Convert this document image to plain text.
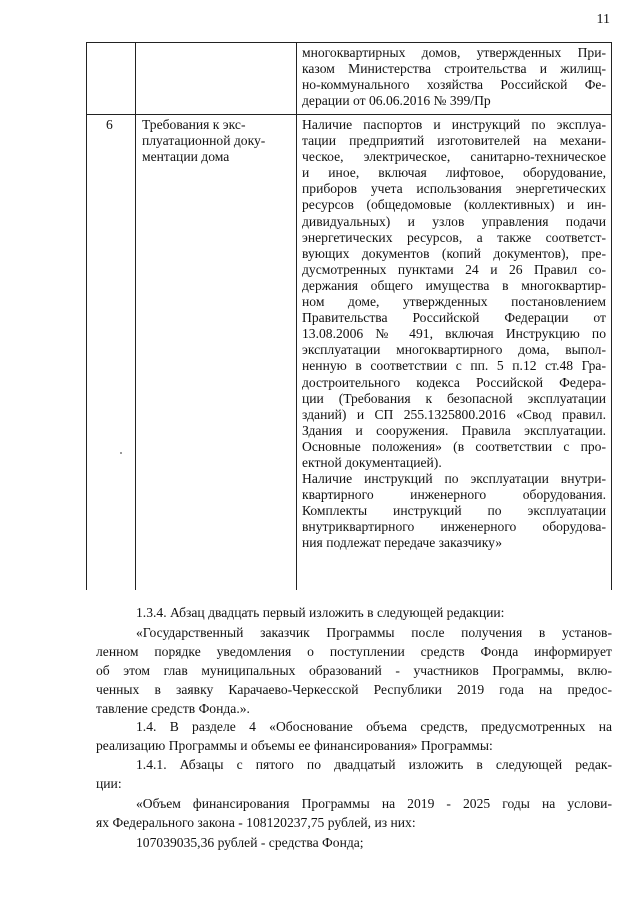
11
многоквартирных домов, утвержденных При-
казом Министерства строительства и жилищ-
но-коммунального хозяйства Российской Фе-
дерации от 06.06.2016 № 399/Пр
6	Требования к экс-
плуатационной доку-
ментации дома
Наличие паспортов и инструкций по эксплуа-
тации предприятий изготовителей на механи-
ческое, электрическое, санитарно-техническое
и иное, включая лифтовое, оборудование,
приборов учета использования энергетических
ресурсов (общедомовые (коллективных) и ин-
дивидуальных) и узлов управления подачи
энергетических ресурсов, а также соответст-
вующих документов (копий документов), пре-
дусмотренных пунктами 24 и 26 Правил со-
держания общего имущества в многоквартир-
ном доме, утвержденных постановлением
Правительства Российской Федерации от
13.08.2006 № 491, включая Инструкцию по
эксплуатации многоквартирного дома, выпол-
ненную в соответствии с пп. 5 п.12 ст.48 Гра-
достроительного кодекса Российской Федера-
ции (Требования к безопасной эксплуатации
зданий) и СП 255.1325800.2016 «Свод правил.
Здания и сооружения. Правила эксплуатации.
Основные положения» (в соответствии с про-
ектной документацией).
Наличие инструкций по эксплуатации внутри-
квартирного инженерного оборудования.
Комплекты инструкций по эксплуатации
внутриквартирного инженерного оборудова-
ния подлежат передаче заказчику»
1.3.4. Абзац двадцать первый изложить в следующей редакции:
«Государственный заказчик Программы после получения в установ-
ленном порядке уведомления о поступлении средств Фонда информирует
об этом глав муниципальных образований - участников Программы, вклю-
ченных в заявку Карачаево-Черкесской Республики 2019 года на предос-
тавление средств Фонда.».
1.4. В разделе 4 «Обоснование объема средств, предусмотренных на
реализацию Программы и объемы ее финансирования» Программы:
1.4.1. Абзацы с пятого по двадцатый изложить в следующей редак-
ции:
«Объем финансирования Программы на 2019 - 2025 годы на услови-
ях Федерального закона - 108120237,75 рублей, из них:
107039035,36 рублей - средства Фонда;
